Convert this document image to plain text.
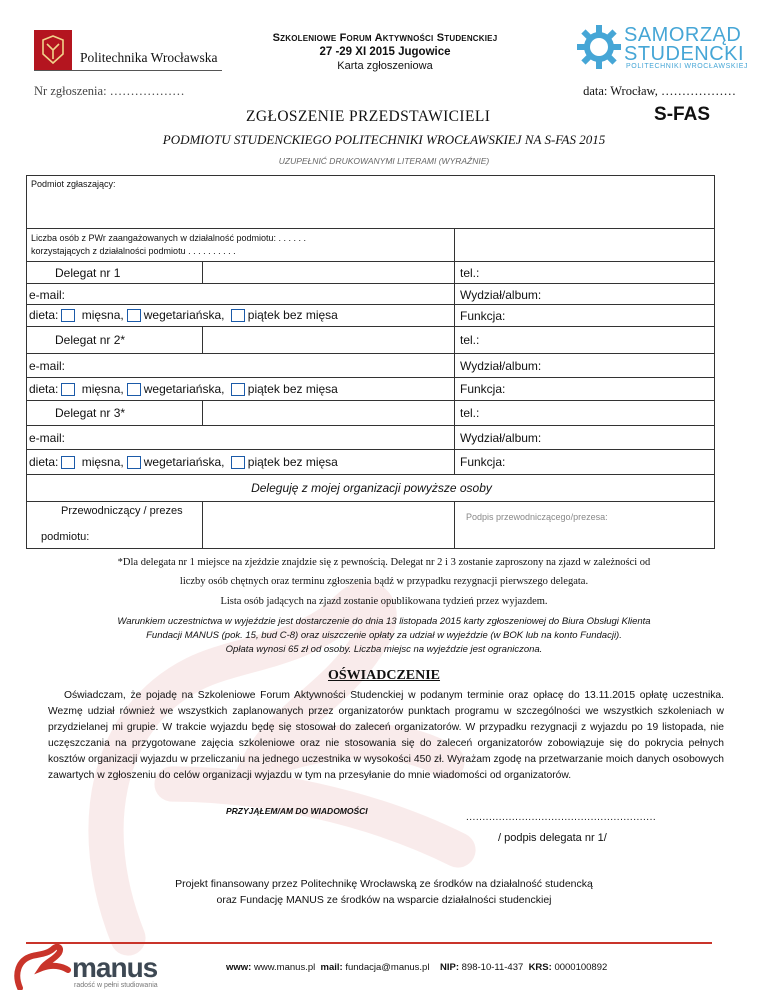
Politechnika Wrocławska
Szkoleniowe Forum Aktywności Studenckiej
27 -29 XI 2015 Jugowice
Karta zgłoszeniowa
SAMORZĄD
STUDENCKI
POLITECHNIKI WROCŁAWSKIEJ
Nr zgłoszenia: ………………	data: Wrocław, ………………
ZGŁOSZENIE PRZEDSTAWICIELI	S-FAS
PODMIOTU STUDENCKIEGO POLITECHNIKI WROCŁAWSKIEJ NA S-FAS 2015
UZUPEŁNIĆ DRUKOWANYMI LITERAMI (WYRAŹNIE)
Podmiot zgłaszający:
Liczba osób z PWr zaangażowanych w działalność podmiotu: . . . . . .
korzystających z działalności podmiotu . . . . . . . . . .
Delegat nr 1	tel.:
e-mail:	Wydział/album:
dieta: mięsna, wegetariańska, piątek bez mięsa	Funkcja:
Delegat nr 2*	tel.:
e-mail:	Wydział/album:
dieta: mięsna, wegetariańska, piątek bez mięsa	Funkcja:
Delegat nr 3*	tel.:
e-mail:	Wydział/album:
dieta: mięsna, wegetariańska, piątek bez mięsa	Funkcja:
Deleguję z mojej organizacji powyższe osoby
Przewodniczący / prezes
podmiotu:
Podpis przewodniczącego/prezesa:
*Dla delegata nr 1 miejsce na zjeździe znajdzie się z pewnością. Delegat nr 2 i 3 zostanie zaproszony na zjazd w zależności od
liczby osób chętnych oraz terminu zgłoszenia bądź w przypadku rezygnacji pierwszego delegata.
Lista osób jadących na zjazd zostanie opublikowana tydzień przez wyjazdem.
Warunkiem uczestnictwa w wyjeździe jest dostarczenie do dnia 13 listopada 2015 karty zgłoszeniowej do Biura Obsługi Klienta
Fundacji MANUS (pok. 15, bud C-8) oraz uiszczenie opłaty za udział w wyjeździe (w BOK lub na konto Fundacji).
Opłata wynosi 65 zł od osoby. Liczba miejsc na wyjeździe jest ograniczona.
OŚWIADCZENIE
Oświadczam, że pojadę na Szkoleniowe Forum Aktywności Studenckiej w podanym terminie oraz opłacę do 13.11.2015 opłatę uczestnika. Wezmę udział również we wszystkich zaplanowanych przez organizatorów punktach programu w szczególności we wszystkich szkoleniach w przydzielanej mi grupie. W trakcie wyjazdu będę się stosował do zaleceń organizatorów. W przypadku rezygnacji z wyjazdu po 19 listopada, nie uczęszczania na przygotowane zajęcia szkoleniowe oraz nie stosowania się do zaleceń organizatorów zobowiązuje się do pokrycia pełnych kosztów organizacji wyjazdu w przeliczaniu na jednego uczestnika w wysokości 450 zł. Wyrażam zgodę na przetwarzanie moich danych osobowych zawartych w zgłoszeniu do celów organizacji wyjazdu w tym na przesyłanie do mnie wiadomości od organizatorów.
PRZYJĄŁEM/AM DO WIADOMOŚCI
..........................................................
/ podpis delegata nr 1/
Projekt finansowany przez Politechnikę Wrocławską ze środków na działalność studencką
oraz Fundację MANUS ze środków na wsparcie działalności studenckiej
manus
radość w pełni studiowania
www: www.manus.pl mail: fundacja@manus.pl NIP: 898-10-11-437 KRS: 0000100892
